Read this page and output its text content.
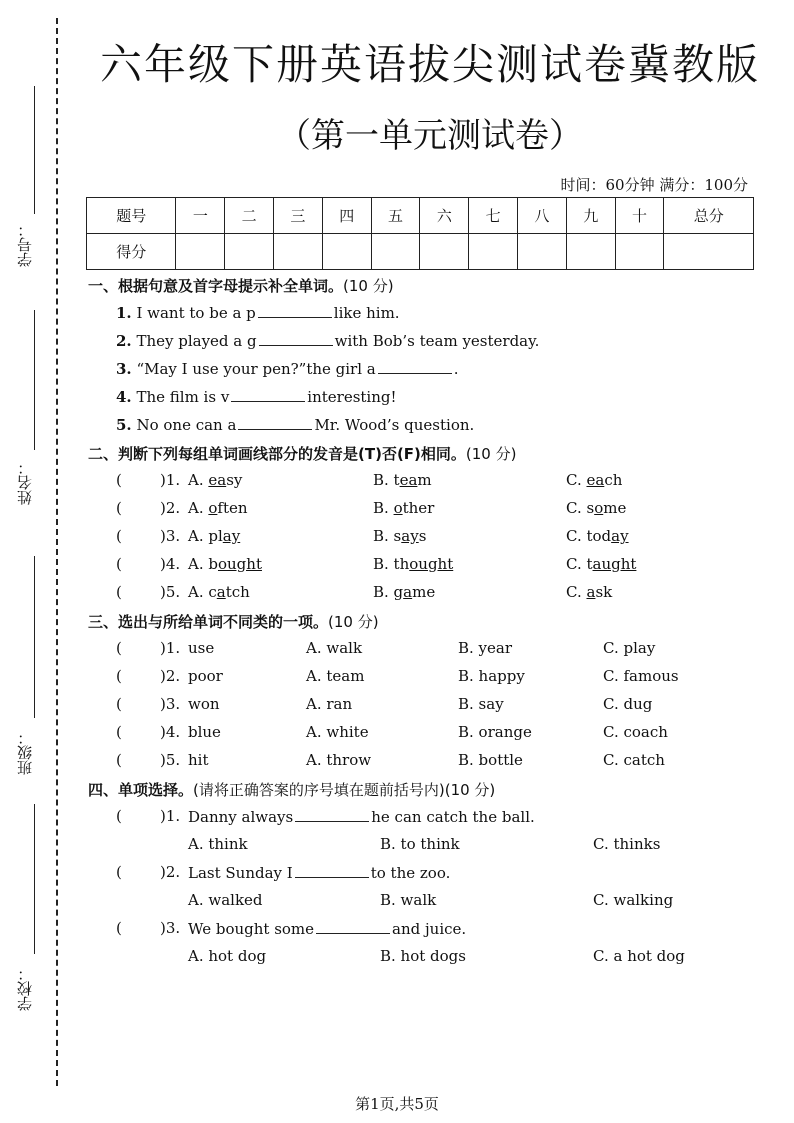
学号：
姓名：
班级：
学校：
六年级下册英语拔尖测试卷冀教版
（第一单元测试卷）
时间：60分钟 满分：100分
题号	一	二	三	四	五	六	七	八	九	十	总分
得分											
一、根据句意及首字母提示补全单词。(10 分)
1. I want to be a p	like him.
2. They played a g	with Bob’s team yesterday.
3. “May I use your pen?”the girl a	.
4. The film is v	interesting!
5. No one can a	Mr. Wood’s question.
二、判断下列每组单词画线部分的发音是(T)否(F)相同。(10 分)
(	)1. A. easy	B. team	C. each
(	)2. A. often	B. other	C. some
(	)3. A. play	B. says	C. today
(	)4. A. bought	B. thought	C. taught
(	)5. A. catch	B. game	C. ask
三、选出与所给单词不同类的一项。(10 分)
(	)1. use	A. walk	B. year	C. play
(	)2. poor	A. team	B. happy	C. famous
(	)3. won	A. ran	B. say	C. dug
(	)4. blue	A. white	B. orange	C. coach
(	)5. hit	A. throw	B. bottle	C. catch
四、单项选择。(请将正确答案的序号填在题前括号内)(10 分)
(	)1. Danny always	he can catch the ball.
A. think	B. to think	C. thinks
(	)2. Last Sunday I	to the zoo.
A. walked	B. walk	C. walking
(	)3. We bought some	and juice.
A. hot dog	B. hot dogs	C. a hot dog
第1页,共5页
